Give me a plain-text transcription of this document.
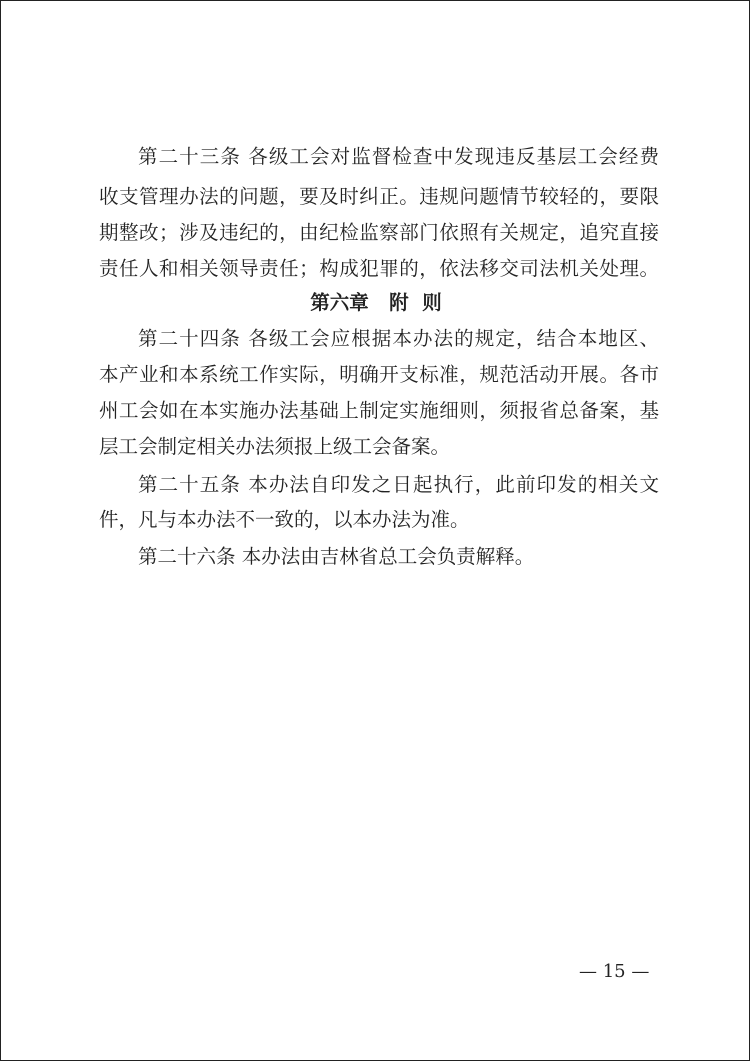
第二十三条 各级工会对监督检查中发现违反基层工会经费
收支管理办法的问题，要及时纠正。违规问题情节较轻的，要限
期整改；涉及违纪的，由纪检监察部门依照有关规定，追究直接
责任人和相关领导责任；构成犯罪的，依法移交司法机关处理。
第六章   附  则
第二十四条 各级工会应根据本办法的规定，结合本地区、
本产业和本系统工作实际，明确开支标准，规范活动开展。各市
州工会如在本实施办法基础上制定实施细则，须报省总备案，基
层工会制定相关办法须报上级工会备案。
第二十五条 本办法自印发之日起执行，此前印发的相关文
件，凡与本办法不一致的，以本办法为准。
第二十六条 本办法由吉林省总工会负责解释。
— 15 —
